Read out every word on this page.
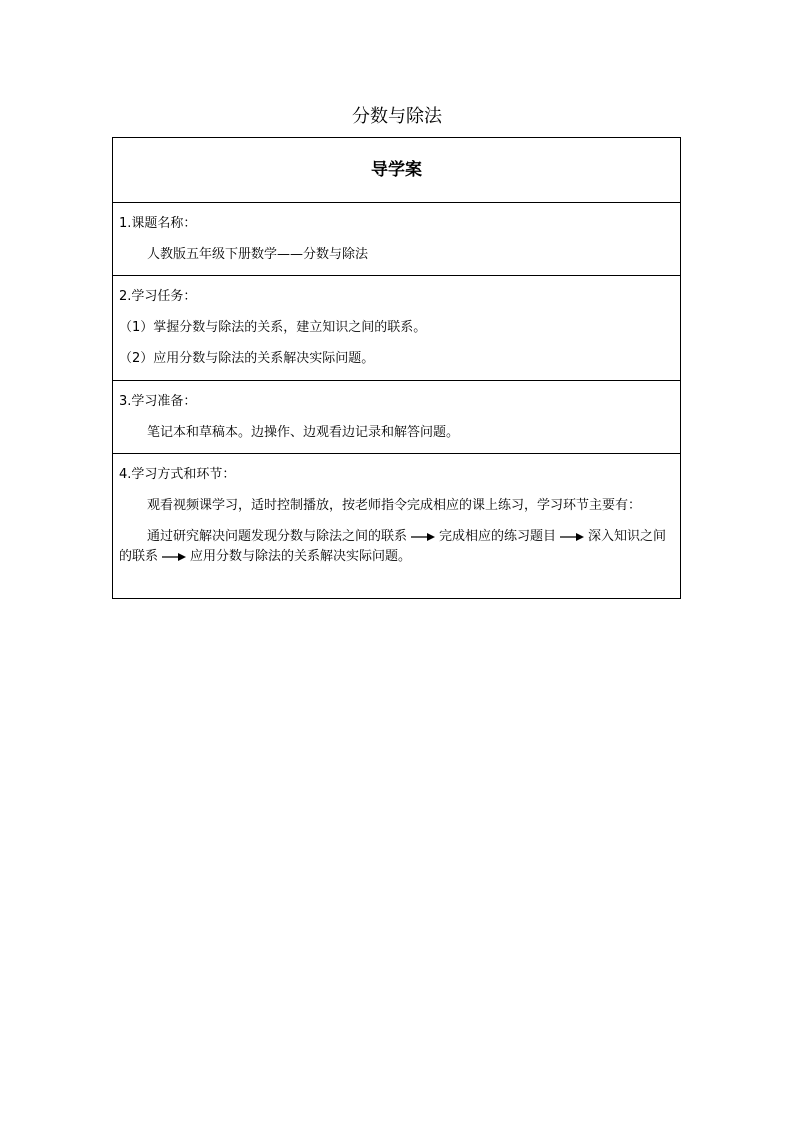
分数与除法
导学案
1.课题名称：
人教版五年级下册数学——分数与除法
2.学习任务：
（1）掌握分数与除法的关系，建立知识之间的联系。
（2）应用分数与除法的关系解决实际问题。
3.学习准备：
笔记本和草稿本。边操作、边观看边记录和解答问题。
4.学习方式和环节：
观看视频课学习，适时控制播放，按老师指令完成相应的课上练习，学习环节主要有：
通过研究解决问题发现分数与除法之间的联系 完成相应的练习题目 深入知识之间的联系 应用分数与除法的关系解决实际问题。
